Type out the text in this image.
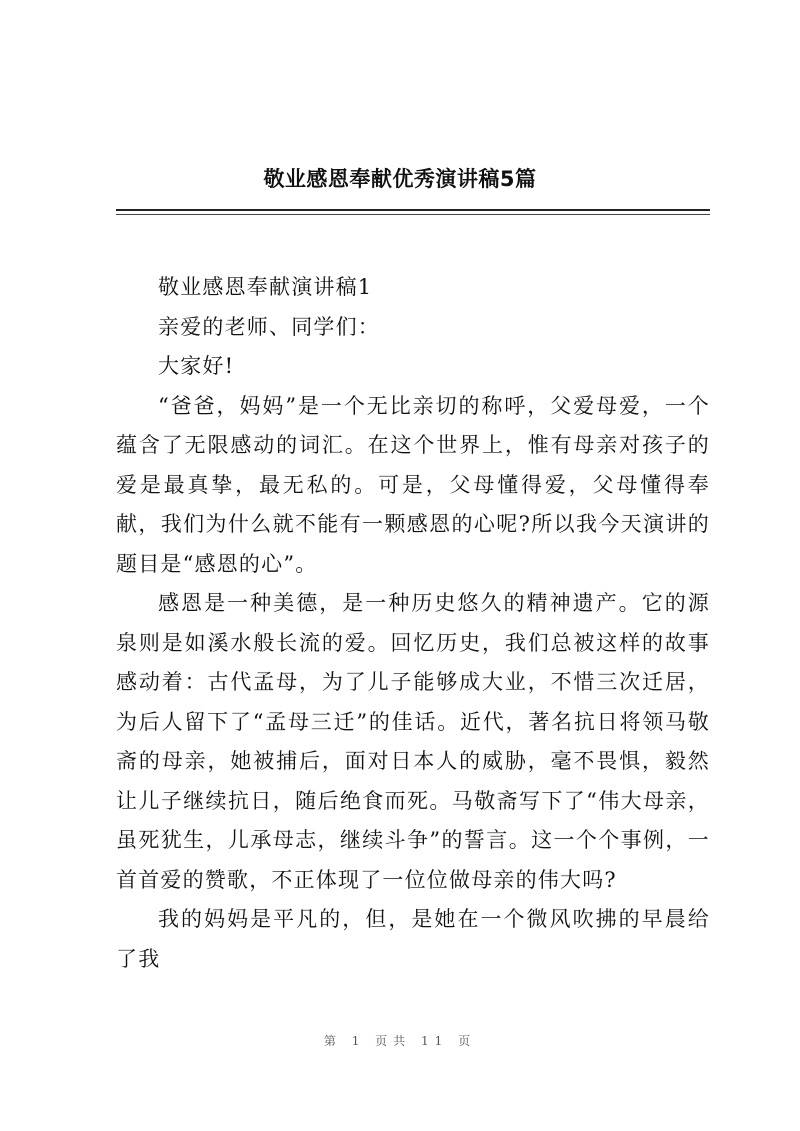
敬业感恩奉献优秀演讲稿5篇

敬业感恩奉献演讲稿1

亲爱的老师、同学们：

大家好!

“爸爸，妈妈”是一个无比亲切的称呼，父爱母爱，一个蕴含了无限感动的词汇。在这个世界上，惟有母亲对孩子的爱是最真挚，最无私的。可是，父母懂得爱，父母懂得奉献，我们为什么就不能有一颗感恩的心呢?所以我今天演讲的题目是“感恩的心”。

感恩是一种美德，是一种历史悠久的精神遗产。它的源泉则是如溪水般长流的爱。回忆历史，我们总被这样的故事感动着：古代孟母，为了儿子能够成大业，不惜三次迁居，为后人留下了“孟母三迁”的佳话。近代，著名抗日将领马敬斋的母亲，她被捕后，面对日本人的威胁，毫不畏惧，毅然让儿子继续抗日，随后绝食而死。马敬斋写下了“伟大母亲，虽死犹生，儿承母志，继续斗争”的誓言。这一个个事例，一首首爱的赞歌，不正体现了一位位做母亲的伟大吗?

我的妈妈是平凡的，但，是她在一个微风吹拂的早晨给了我

第 1 页共 11 页
